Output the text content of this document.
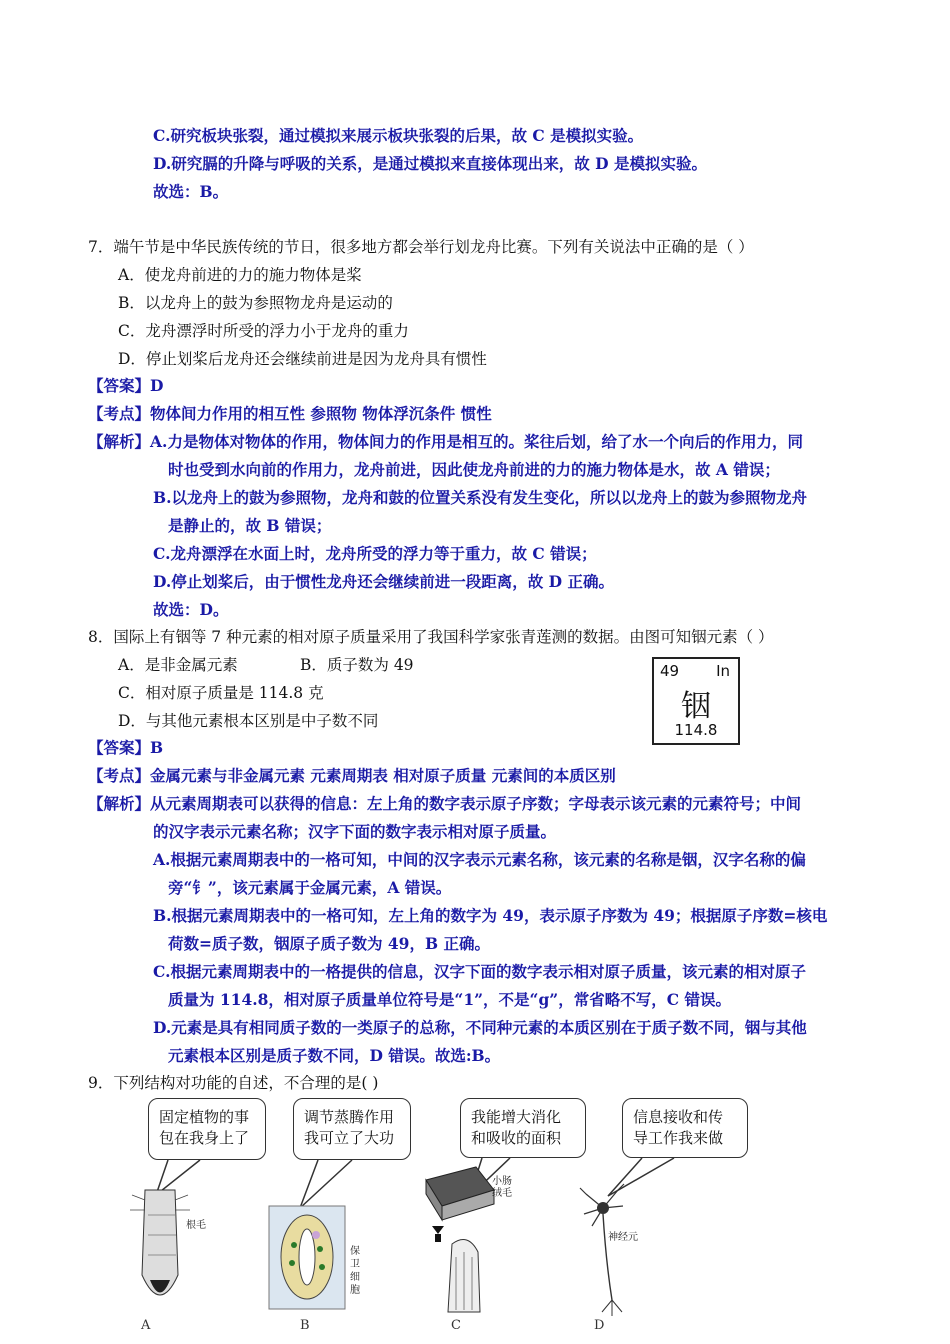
C.研究板块张裂，通过模拟来展示板块张裂的后果，故 C 是模拟实验。
D.研究膈的升降与呼吸的关系，是通过模拟来直接体现出来，故 D 是模拟实验。
故选：B。
7．端午节是中华民族传统的节日，很多地方都会举行划龙舟比赛。下列有关说法中正确的是（ ）
A．使龙舟前进的力的施力物体是桨
B．以龙舟上的鼓为参照物龙舟是运动的
C．龙舟漂浮时所受的浮力小于龙舟的重力
D．停止划桨后龙舟还会继续前进是因为龙舟具有惯性
【答案】D
【考点】物体间力作用的相互性 参照物 物体浮沉条件 惯性
【解析】A.力是物体对物体的作用，物体间力的作用是相互的。桨往后划，给了水一个向后的作用力，同
时也受到水向前的作用力，龙舟前进，因此使龙舟前进的力的施力物体是水，故 A 错误；
B.以龙舟上的鼓为参照物，龙舟和鼓的位置关系没有发生变化，所以以龙舟上的鼓为参照物龙舟
是静止的，故 B 错误；
C.龙舟漂浮在水面上时，龙舟所受的浮力等于重力，故 C 错误；
D.停止划桨后，由于惯性龙舟还会继续前进一段距离，故 D 正确。
故选：D。
8．国际上有铟等 7 种元素的相对原子质量采用了我国科学家张青莲测的数据。由图可知铟元素（ ）
A．是非金属元素	B．质子数为 49
C．相对原子质量是 114.8 克
D．与其他元素根本区别是中子数不同
49 In
铟
114.8
【答案】B
【考点】金属元素与非金属元素 元素周期表 相对原子质量 元素间的本质区别
【解析】从元素周期表可以获得的信息：左上角的数字表示原子序数；字母表示该元素的元素符号；中间
的汉字表示元素名称；汉字下面的数字表示相对原子质量。
A.根据元素周期表中的一格可知，中间的汉字表示元素名称，该元素的名称是铟，汉字名称的偏
旁“钅”，该元素属于金属元素，A 错误。
B.根据元素周期表中的一格可知，左上角的数字为 49，表示原子序数为 49；根据原子序数=核电
荷数=质子数，铟原子质子数为 49，B 正确。
C.根据元素周期表中的一格提供的信息，汉字下面的数字表示相对原子质量，该元素的相对原子
质量为 114.8，相对原子质量单位符号是“1”，不是“g”，常省略不写，C 错误。
D.元素是具有相同质子数的一类原子的总称，不同种元素的本质区别在于质子数不同，铟与其他
元素根本区别是质子数不同，D 错误。故选:B。
9．下列结构对功能的自述，不合理的是( )
固定植物的事
包在我身上了
调节蒸腾作用
我可立了大功
我能增大消化
和吸收的面积
信息接收和传
导工作我来做
根毛
保卫细胞
小肠绒毛
神经元
A	B	C	D
